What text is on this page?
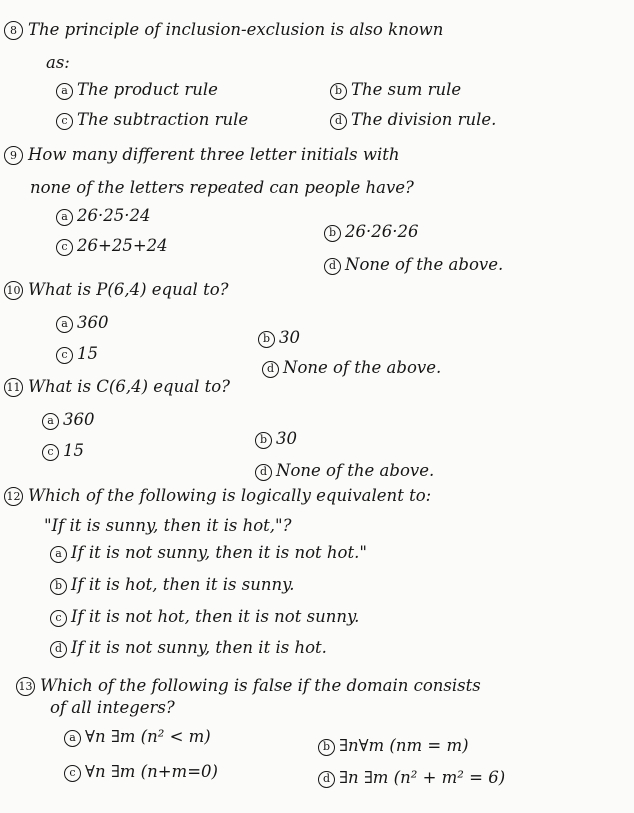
8 The principle of inclusion-exclusion is also known
as:
a The product rule	b The sum rule
c The subtraction rule	d The division rule.
9 How many different three letter initials with
none of the letters repeated can people have?
a 26·25·24
b 26·26·26
c 26+25+24
d None of the above.
10 What is P(6,4) equal to?
a 360
b 30
c 15
d None of the above.
11 What is C(6,4) equal to?
a 360
b 30
c 15
d None of the above.
12 Which of the following is logically equivalent to:
"If it is sunny, then it is hot,"?
a If it is not sunny, then it is not hot."
b If it is hot, then it is sunny.
c If it is not hot, then it is not sunny.
d If it is not sunny, then it is hot.
13 Which of the following is false if the domain consists
of all integers?
a ∀n ∃m (n² < m)
b ∃n∀m (nm = m)
c ∀n ∃m (n+m=0)	d ∃n ∃m (n² + m² = 6)
